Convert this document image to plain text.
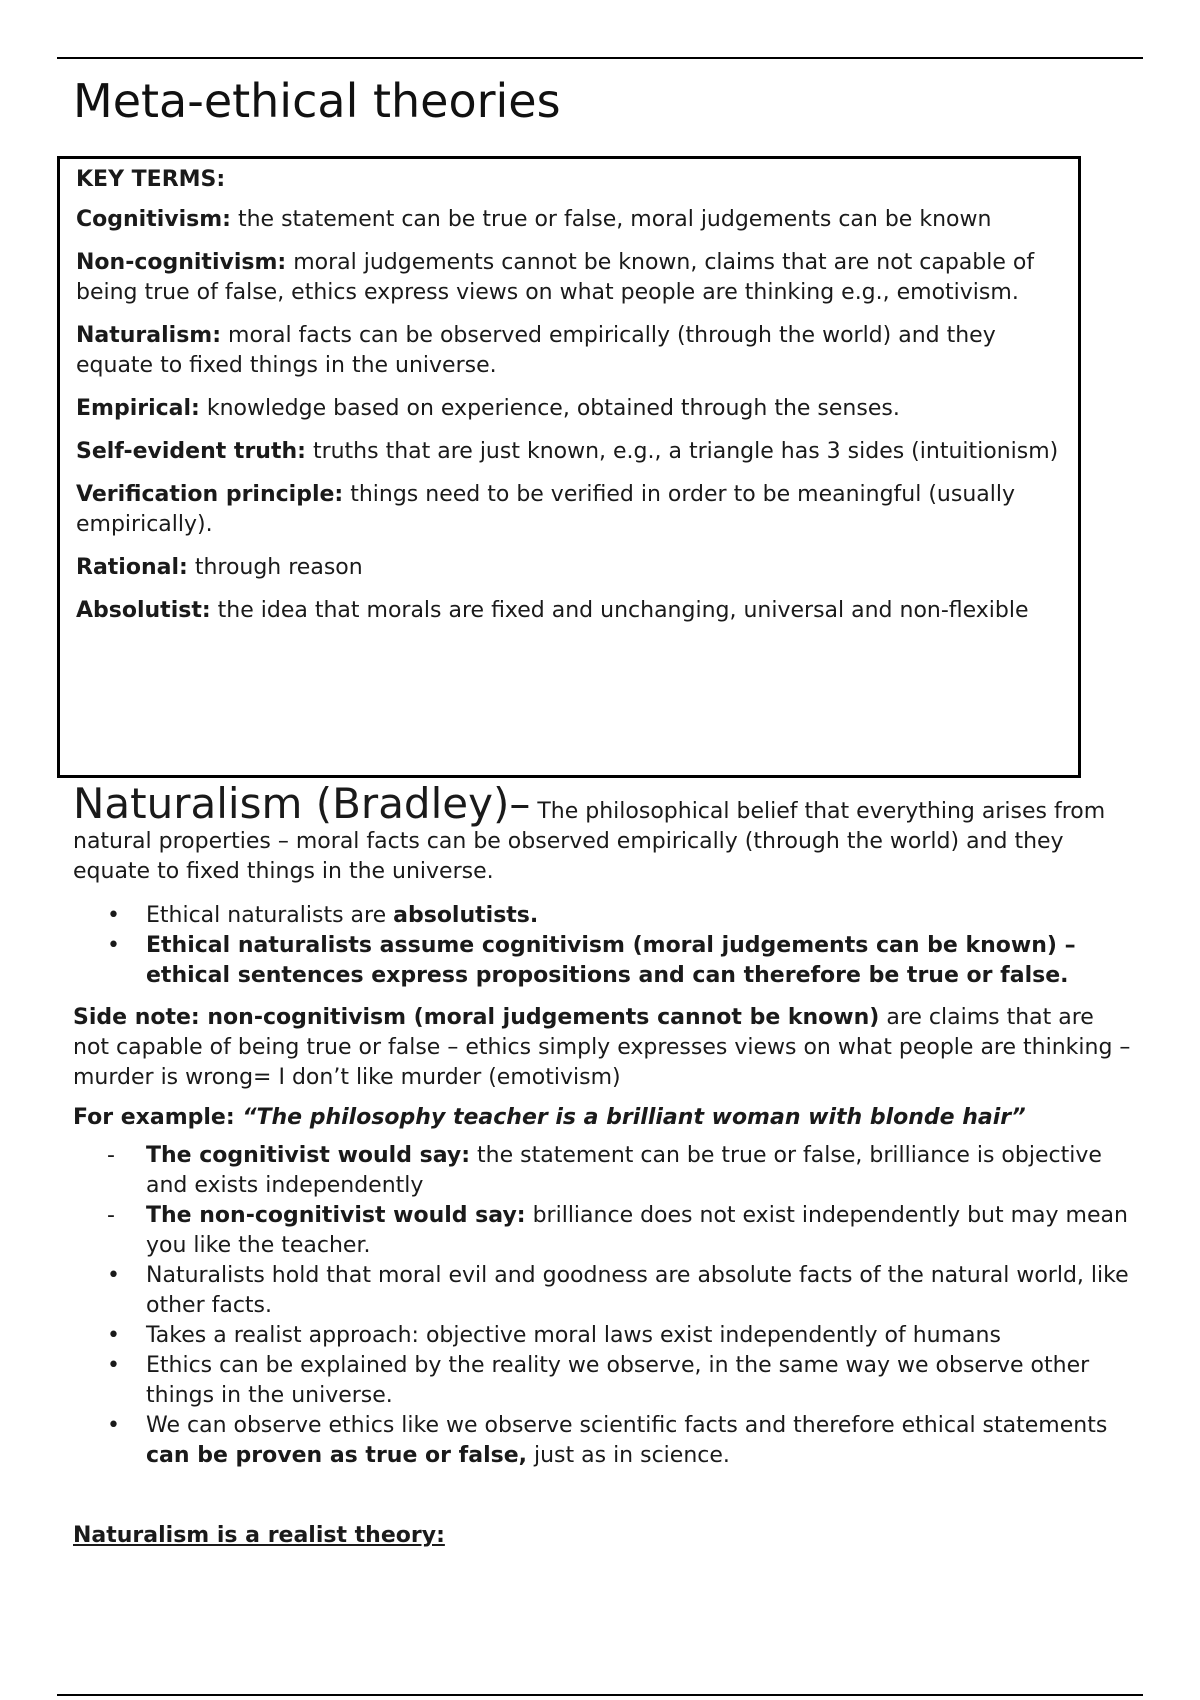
Meta-ethical theories

KEY TERMS:

Cognitivism: the statement can be true or false, moral judgements can be known

Non-cognitivism: moral judgements cannot be known, claims that are not capable of being true of false, ethics express views on what people are thinking e.g., emotivism.

Naturalism: moral facts can be observed empirically (through the world) and they equate to fixed things in the universe.

Empirical: knowledge based on experience, obtained through the senses.

Self-evident truth: truths that are just known, e.g., a triangle has 3 sides (intuitionism)

Verification principle: things need to be verified in order to be meaningful (usually empirically).

Rational: through reason

Absolutist: the idea that morals are fixed and unchanging, universal and non-flexible

Naturalism (Bradley)– The philosophical belief that everything arises from natural properties – moral facts can be observed empirically (through the world) and they equate to fixed things in the universe.

•	Ethical naturalists are absolutists.
•	Ethical naturalists assume cognitivism (moral judgements can be known) – ethical sentences express propositions and can therefore be true or false.

Side note: non-cognitivism (moral judgements cannot be known) are claims that are not capable of being true or false – ethics simply expresses views on what people are thinking – murder is wrong= I don’t like murder (emotivism)

For example: “The philosophy teacher is a brilliant woman with blonde hair”

-	The cognitivist would say: the statement can be true or false, brilliance is objective and exists independently
-	The non-cognitivist would say: brilliance does not exist independently but may mean you like the teacher.
•	Naturalists hold that moral evil and goodness are absolute facts of the natural world, like other facts.
•	Takes a realist approach: objective moral laws exist independently of humans
•	Ethics can be explained by the reality we observe, in the same way we observe other things in the universe.
•	We can observe ethics like we observe scientific facts and therefore ethical statements can be proven as true or false, just as in science.

Naturalism is a realist theory:
